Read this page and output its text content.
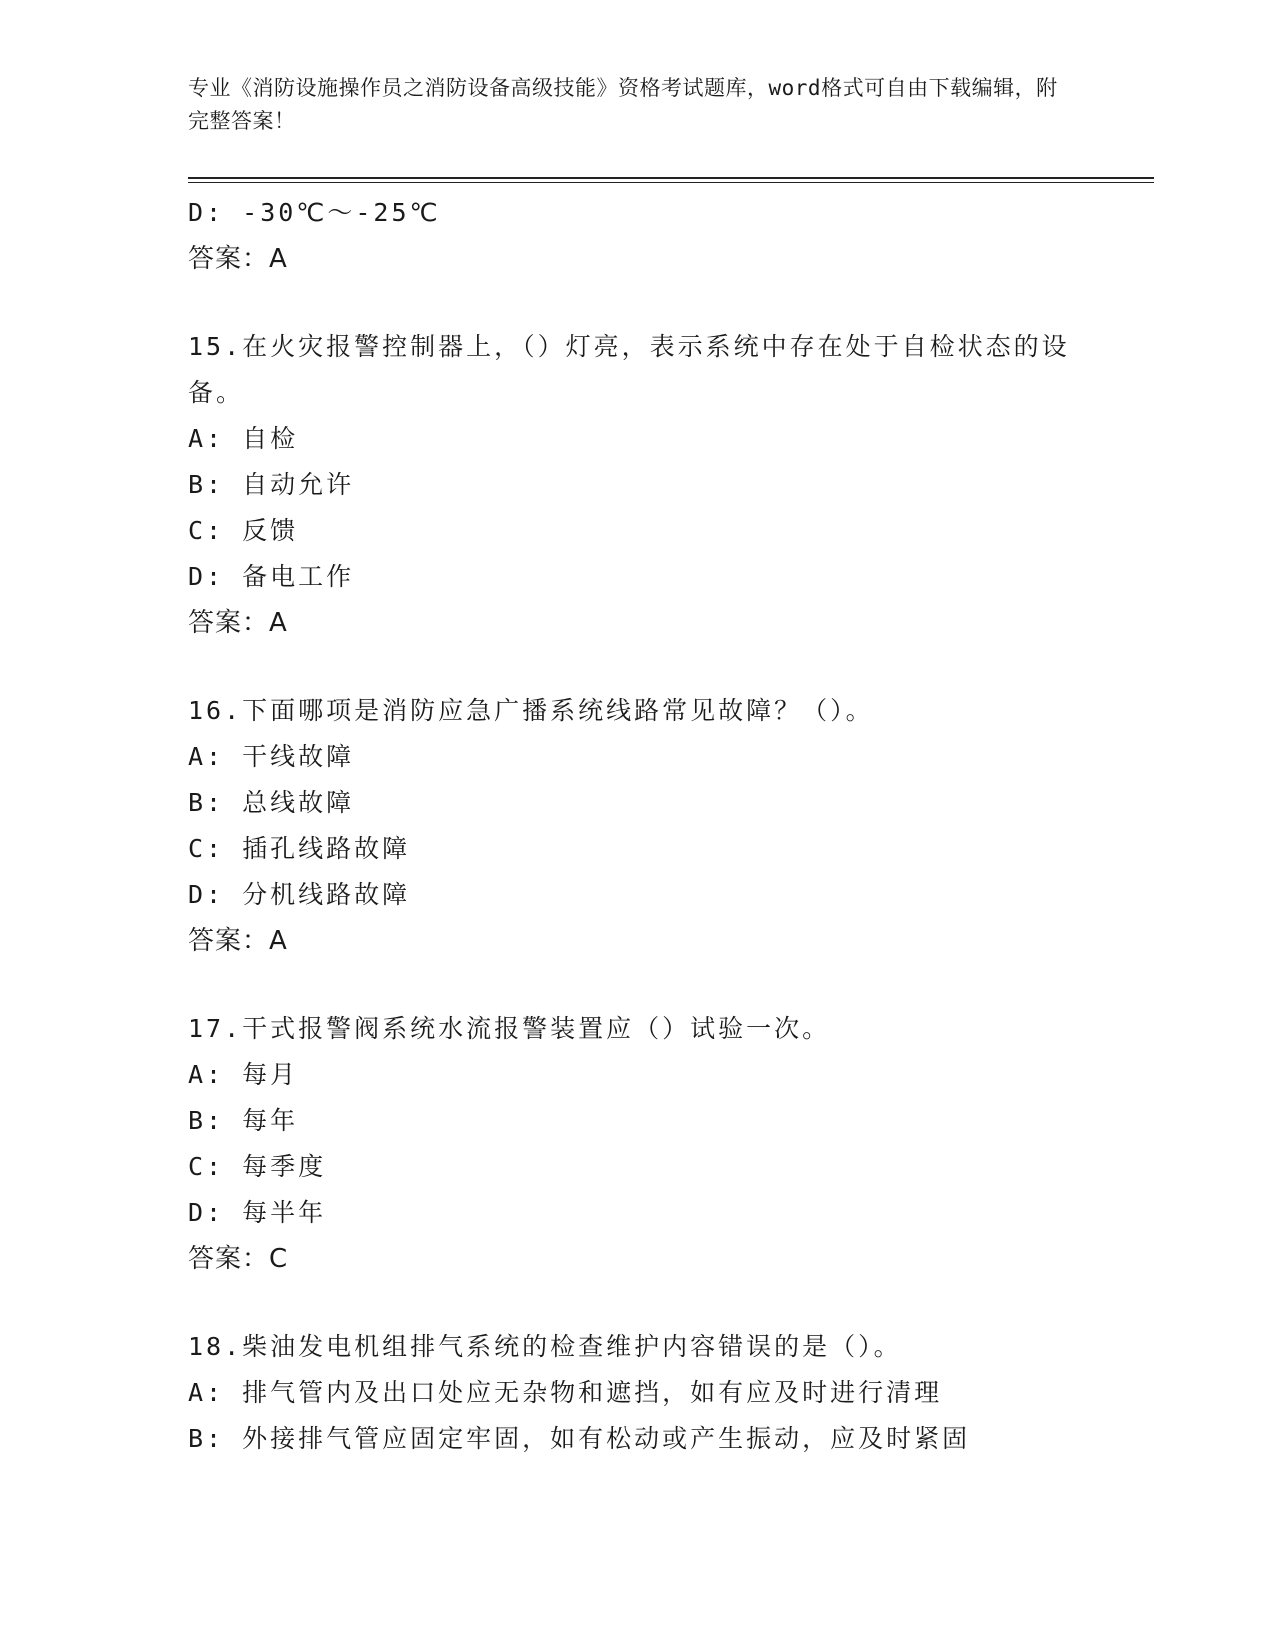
专业《消防设施操作员之消防设备高级技能》资格考试题库，word格式可自由下载编辑，附完整答案！
D: -30℃～-25℃
答案：A
15.在火灾报警控制器上，（）灯亮，表示系统中存在处于自检状态的设备。
A: 自检
B: 自动允许
C: 反馈
D: 备电工作
答案：A
16.下面哪项是消防应急广播系统线路常见故障？（）。
A: 干线故障
B: 总线故障
C: 插孔线路故障
D: 分机线路故障
答案：A
17.干式报警阀系统水流报警装置应（）试验一次。
A: 每月
B: 每年
C: 每季度
D: 每半年
答案：C
18.柴油发电机组排气系统的检查维护内容错误的是（）。
A: 排气管内及出口处应无杂物和遮挡，如有应及时进行清理
B: 外接排气管应固定牢固，如有松动或产生振动，应及时紧固
